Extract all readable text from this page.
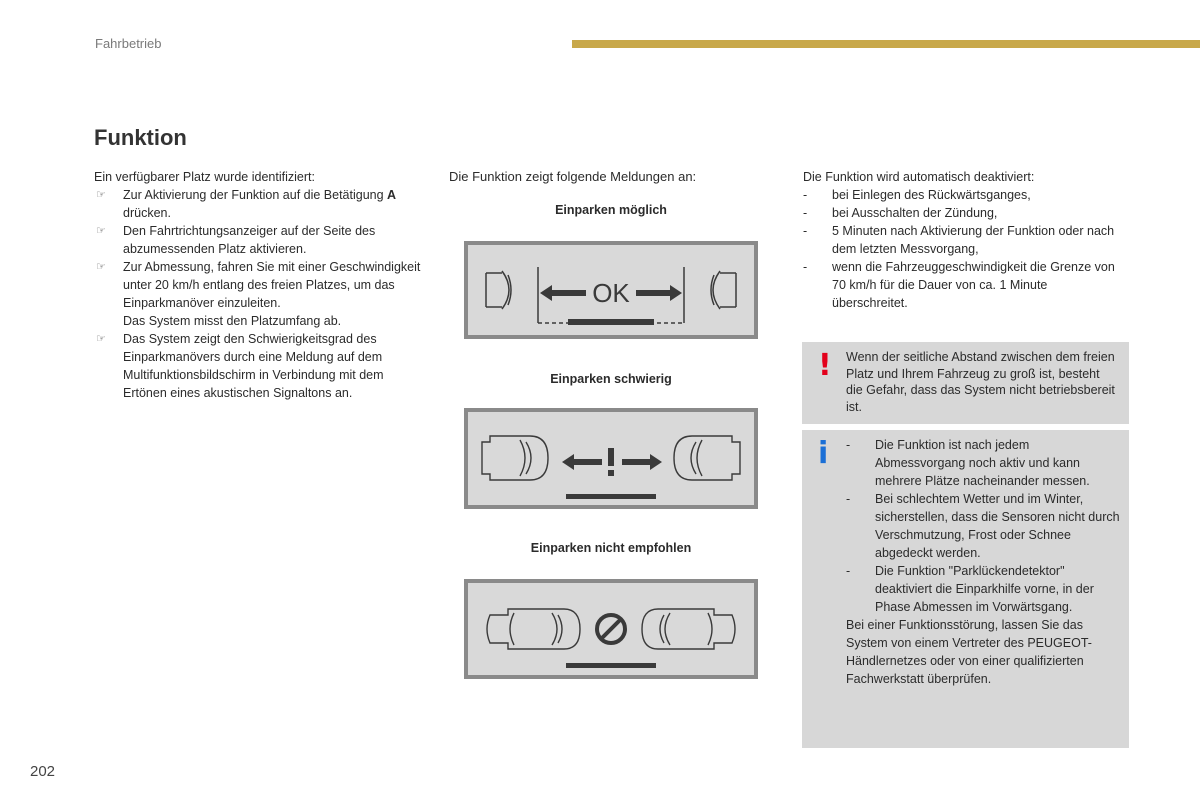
Fahrbetrieb
Funktion

Ein verfügbarer Platz wurde identifiziert:

☞ Zur Aktivierung der Funktion auf die Betätigung A drücken.
☞ Den Fahrtrichtungsanzeiger auf der Seite des abzumessenden Platz aktivieren.
☞ Zur Abmessung, fahren Sie mit einer Geschwindigkeit unter 20 km/h entlang des freien Platzes, um das Einparkmanöver einzuleiten.
Das System misst den Platzumfang ab.
☞ Das System zeigt den Schwierigkeitsgrad des Einparkmanövers durch eine Meldung auf dem Multifunktionsbildschirm in Verbindung mit dem Ertönen eines akustischen Signaltons an.
Die Funktion zeigt folgende Meldungen an:
Einparken möglich
OK
Einparken schwierig
Einparken nicht empfohlen

Die Funktion wird automatisch deaktiviert:

- bei Einlegen des Rückwärtsganges,
- bei Ausschalten der Zündung,
- 5 Minuten nach Aktivierung der Funktion oder nach dem letzten Messvorgang,
- wenn die Fahrzeuggeschwindigkeit die Grenze von 70 km/h für die Dauer von ca. 1 Minute überschreitet.
! Wenn der seitliche Abstand zwischen dem freien Platz und Ihrem Fahrzeug zu groß ist, besteht die Gefahr, dass das System nicht betriebsbereit ist.
i - Die Funktion ist nach jedem Abmessvorgang noch aktiv und kann mehrere Plätze nacheinander messen.
- Bei schlechtem Wetter und im Winter, sicherstellen, dass die Sensoren nicht durch Verschmutzung, Frost oder Schnee abgedeckt werden.
- Die Funktion "Parklückendetektor" deaktiviert die Einparkhilfe vorne, in der Phase Abmessen im Vorwärtsgang.

Bei einer Funktionsstörung, lassen Sie das System von einem Vertreter des PEUGEOT-Händlernetzes oder von einer qualifizierten Fachwerkstatt überprüfen.

202
